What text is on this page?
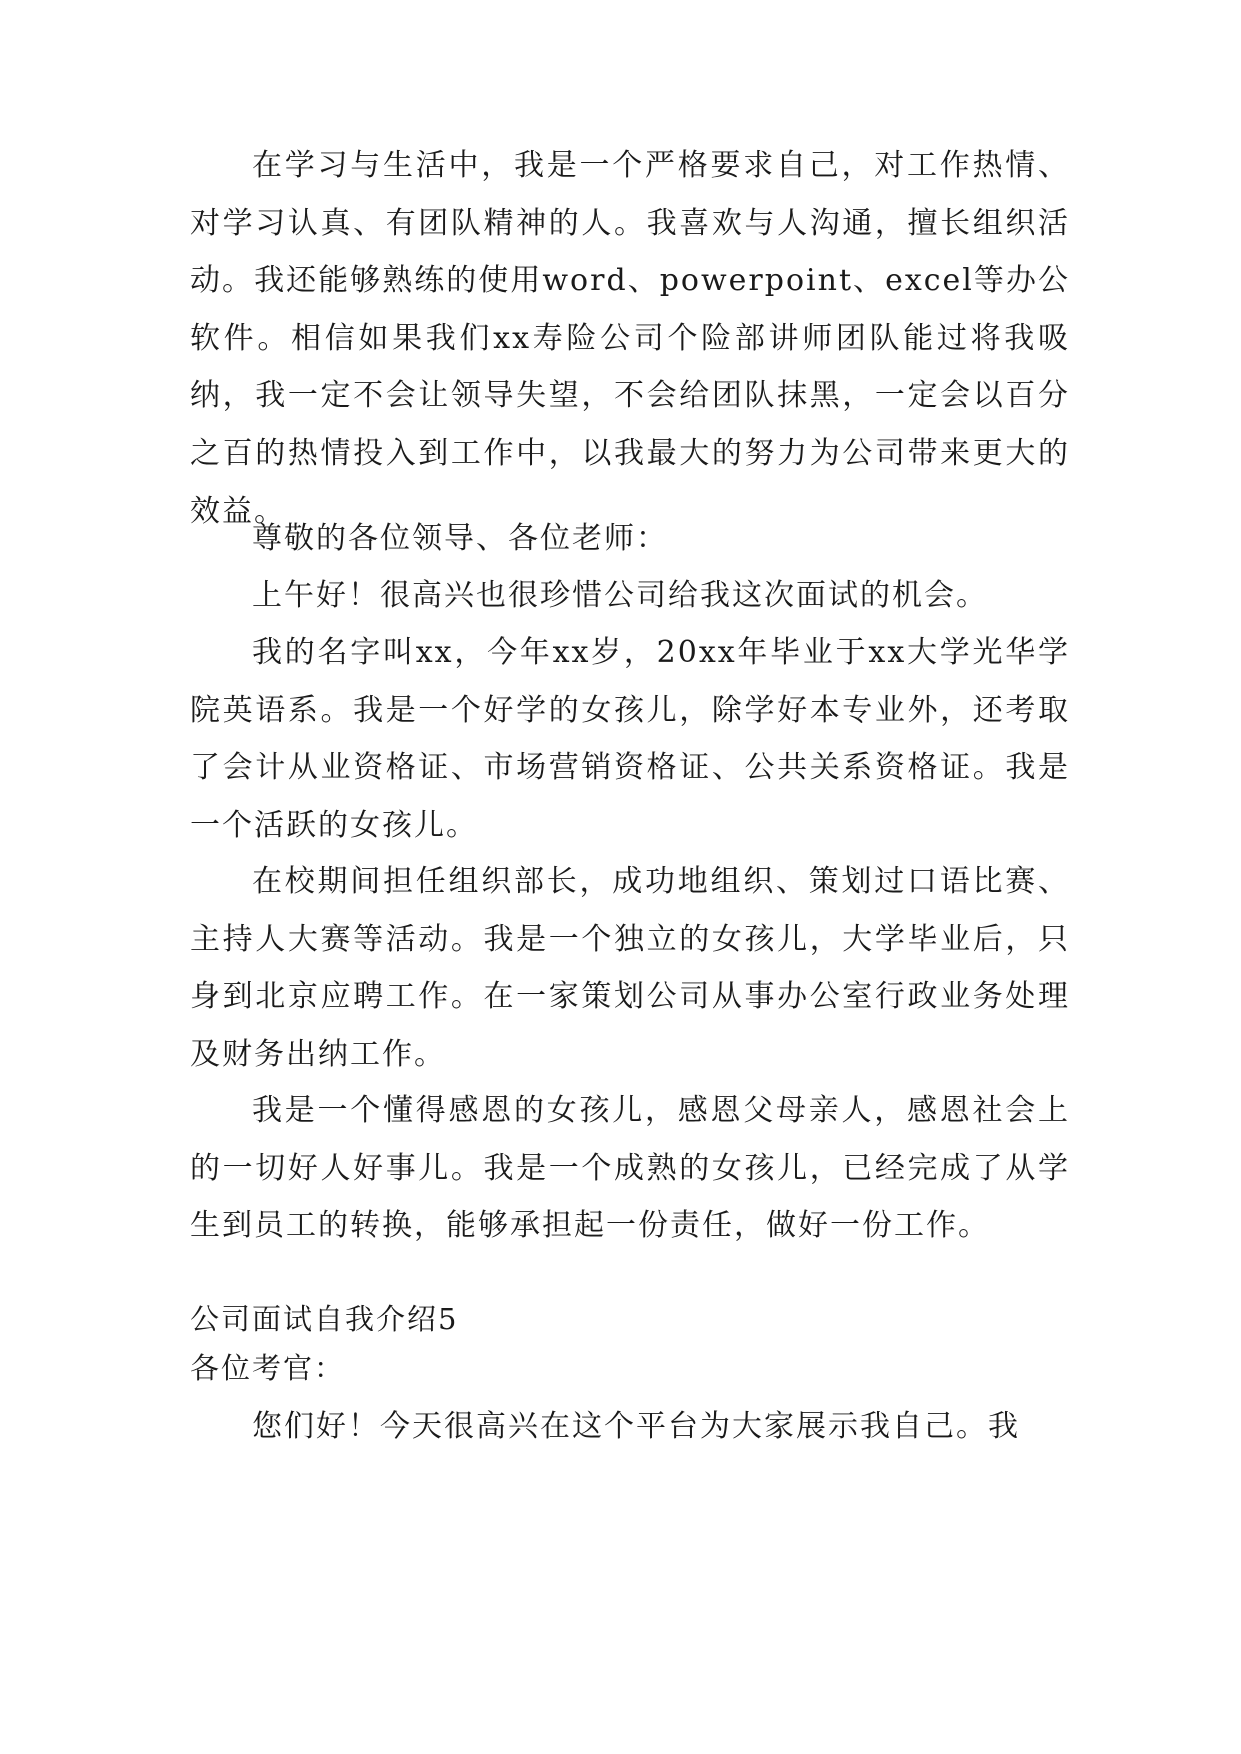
在学习与生活中，我是一个严格要求自己，对工作热情、对学习认真、有团队精神的人。我喜欢与人沟通，擅长组织活动。我还能够熟练的使用word、powerpoint、excel等办公软件。相信如果我们xx寿险公司个险部讲师团队能过将我吸纳，我一定不会让领导失望，不会给团队抹黑，一定会以百分之百的热情投入到工作中，以我最大的努力为公司带来更大的效益。

尊敬的各位领导、各位老师：

上午好！很高兴也很珍惜公司给我这次面试的机会。

我的名字叫xx，今年xx岁，20xx年毕业于xx大学光华学院英语系。我是一个好学的女孩儿，除学好本专业外，还考取了会计从业资格证、市场营销资格证、公共关系资格证。我是一个活跃的女孩儿。

在校期间担任组织部长，成功地组织、策划过口语比赛、主持人大赛等活动。我是一个独立的女孩儿，大学毕业后，只身到北京应聘工作。在一家策划公司从事办公室行政业务处理及财务出纳工作。

我是一个懂得感恩的女孩儿，感恩父母亲人，感恩社会上的一切好人好事儿。我是一个成熟的女孩儿，已经完成了从学生到员工的转换，能够承担起一份责任，做好一份工作。

公司面试自我介绍5

各位考官：

您们好！今天很高兴在这个平台为大家展示我自己。我
